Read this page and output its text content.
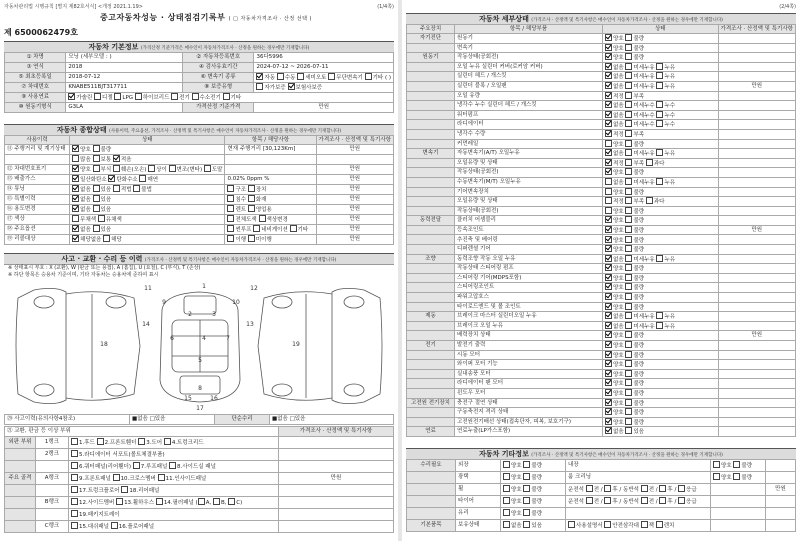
자동차관리법 시행규칙 [별지 제82호서식] <개정 2021.1.19>	(1/4쪽)
중고자동차성능 · 상태점검기록부 ( □ 자동차가격조사 · 산정 선택 )
제 6500062479호
자동차 기본정보 (가격산정 기준가격은 매수인이 자동차가격조사 · 산정을 원하는 경우에만 기재합니다)
① 차명	모닝 (세부모델 : )	② 자동차등록번호	36다5996
③ 연식	2018	④ 검사유효기간	2024-07-12 ~ 2026-07-11
⑤ 최초등록일	2018-07-12	⑥ 변속기 종류	자동 수동 세미오토 무단변속기 기타 ( )
⑦ 차대번호	KNABE511BJT317711	⑧ 보증유형	자가보증 보험사보증
⑨ 사용연료	가솔린 디젤 LPG 하이브리드 전기 수소전기 기타		
⑩ 원동기형식	G3LA	가격산정 기준가격	만원
자동차 종합상태 (사용이력, 주요옵션, 가격조사 · 산정액 및 특기사항은 매수인이 자동차가격조사 · 산정을 원하는 경우에만 기재합니다)
사용이력	상태	항목 / 해당사항	가격조사 · 산정액 및 특기사항
⑪ 주행거리 및 계기상태	양호 불량	현재 주행거리 [30,123Km]	만원
	많음 보통 적음		
⑫ 차대번호표기	양호 부식 훼손(오손) 상이 변조(변타) 도말		만원
⑬ 배출가스	일산화탄소 탄화수소 매연	0.02% 0ppm %	만원
⑭ 튜닝	없음 있음 적법 불법	구조 장치	만원
⑮ 특별이력	없음 있음	침수 화재	만원
⑯ 용도변경	없음 있음	렌트 영업용	만원
⑰ 색상	무채색 유채색	전체도색 색상변경	만원
⑱ 주요옵션	없음 있음	썬루프 네비게이션 기타	만원
⑲ 리콜대상	해당없음 해당	이행 미이행	만원
사고 · 교환 · 수리 등 이력 (가격조사 · 산정액 및 특기사항은 매수인이 자동차가격조사 · 산정을 원하는 경우에만 기재합니다)
※ 상태표시 부호 : X (교환), W (판금 또는 용접), A (흠집), U (요철), C (부식), T (손상)
※ 하단 항목은 승용차 기준이며, 기타 자동차는 승용차에 준하여 표시
1
2	3
4
5
6	7
8
9	10
11	12
13
14
15	16
17
18	19
⑳ 사고이력(유의사항4참조)	■없음 □있음	단순수리	■없음 □있음
㉑ 교환, 판금 등 이상 부위			가격조사 · 산정액 및 특기사항
외판 부위	1랭크	1.후드 2.프론트휀더 3.도어 4.트렁크리드	
	2랭크	5.라디에이터 서포트(볼트체결부품)	
		6.쿼터패널(리어휀더) 7.루프패널 8.사이드실 패널	
주요 골격	A랭크	9.프론트패널 10.크로스멤버 11.인사이드패널	만원
		17.트렁크플로어 18.리어패널	
	B랭크	12.사이드멤버 13.휠하우스 14.필러패널 ( A, B, C)	
		19.패키지트레이	
	C랭크	15.대쉬패널 16.플로어패널	
(2/4쪽)
자동차 세부상태 (가격조사 · 산정액 및 특기사항은 매수인이 자동차가격조사 · 산정을 원하는 경우에만 기재합니다)
주요장치	항목 / 해당부품	상태	가격조사 · 산정액 및 특기사항
자기진단	원동기	양호 불량	
	변속기	양호 불량	
원동기	작동상태(공회전)	양호 불량	
	오일 누유 실린더 커버(로커암 커버)	없음 미세누유 누유	
	실린더 헤드 / 개스킷	없음 미세누유 누유	
	실린더 블록 / 오일팬	없음 미세누유 누유	만원
	오일 유량	적정 부족	
	냉각수 누수 실린더 헤드 / 개스킷	없음 미세누수 누수	
	워터펌프	없음 미세누수 누수	
	라디에이터	없음 미세누수 누수	
	냉각수 수량	적정 부족	
	커먼레일	양호 불량	
변속기	자동변속기(A/T) 오일누유	없음 미세누유 누유	
	오일유량 및 상태	적정 부족 과다	
	작동상태(공회전)	양호 불량	
	수동변속기(M/T) 오일누유	없음 미세누유 누유	
	기어변속장치	양호 불량	
	오일유량 및 상태	적정 부족 과다	
	작동상태(공회전)	양호 불량	
동력전달	클러치 어셈블리	양호 불량	
	등속조인트	양호 불량	만원
	추진축 및 베어링	양호 불량	
	디퍼렌셜 기어	양호 불량	
조향	동력조향 작동 오일 누유	없음 미세누유 누유	
	작동상태 스티어링 펌프	양호 불량	
	스티어링 기어(MDPS포함)	양호 불량	
	스티어링조인트	양호 불량	
	파워고압호스	양호 불량	
	타이로드엔드 및 볼 조인트	양호 불량	
제동	브레이크 마스터 실린더오일 누유	없음 미세누유 누유	
	브레이크 오일 누유	없음 미세누유 누유	
	배력장치 상태	양호 불량	만원
전기	발전기 출력	양호 불량	
	시동 모터	양호 불량	
	와이퍼 모터 기능	양호 불량	
	실내송풍 모터	양호 불량	
	라디에이터 팬 모터	양호 불량	
	윈도우 모터	양호 불량	
고전원 전기장치	충전구 절연 상태	양호 불량	
	구동축전지 격리 상태	양호 불량	
	고전원전기배선 상태(접속단자, 피복, 보호기구)	양호 불량	
연료	연료누출(LP가스포함)	없음 있음	
자동차 기타정보 (가격조사 · 산정액 및 특기사항은 매수인이 자동차가격조사 · 산정을 원하는 경우에만 기재합니다)
수리필요	외장	양호 불량	내장	양호 불량	
	광택	양호 불량	룸 크리닝	양호 불량	
	휠	양호 불량	운전석 전 / 후 / 동반석 전 / 후 / 응급		만원
	타이어	양호 불량	운전석 전 / 후 / 동반석 전 / 후 / 응급		
	유리	양호 불량			
기본품목	보유상태	없음 있음	사용설명서 안전삼각대 잭 렌치		
